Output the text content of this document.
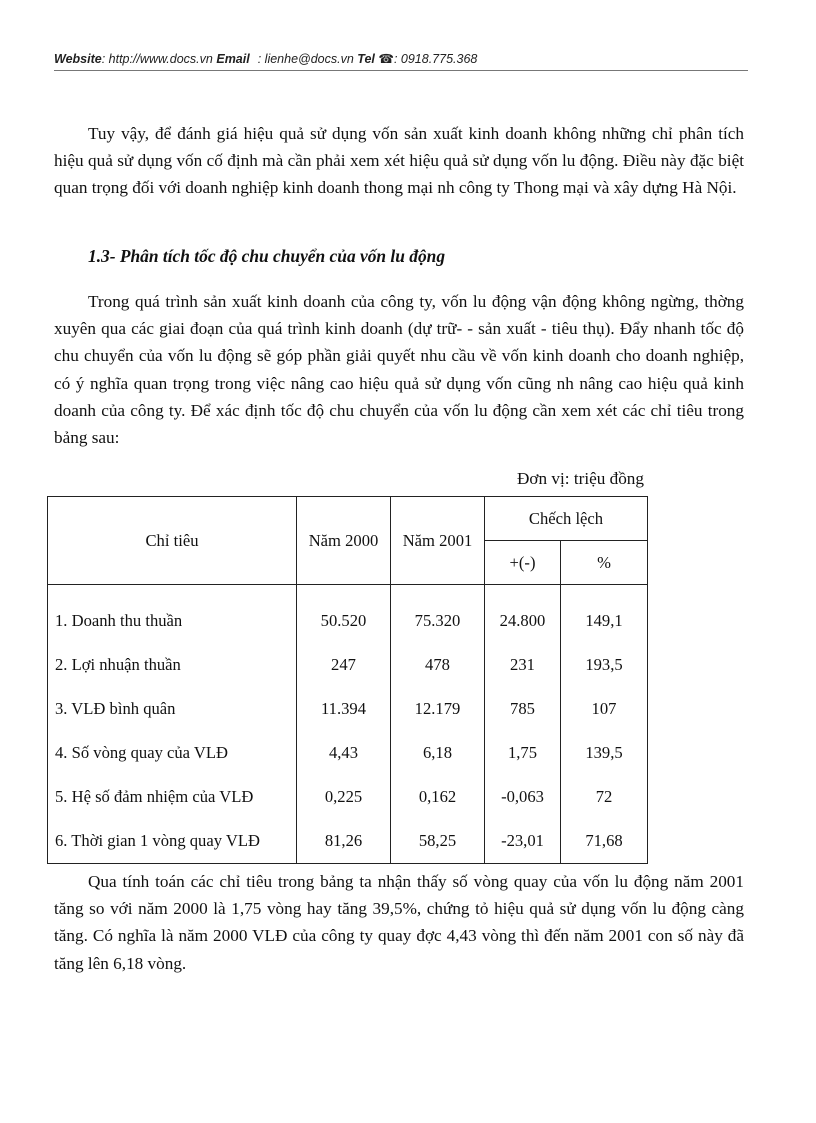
Website: http://www.docs.vn Email : lienhe@docs.vn Tel ☎: 0918.775.368

Tuy vậy, để đánh giá hiệu quả sử dụng vốn sản xuất kinh doanh không những chỉ phân tích hiệu quả sử dụng vốn cố định mà cần phải xem xét hiệu quả sử dụng vốn lu động. Điều này đặc biệt quan trọng đối với doanh nghiệp kinh doanh thong mại nh công ty Thong mại và xây dựng Hà Nội.

1.3- Phân tích tốc độ chu chuyển của vốn lu động

Trong quá trình sản xuất kinh doanh của công ty, vốn lu động vận động không ngừng, thờng xuyên qua các giai đoạn của quá trình kinh doanh (dự trữ- - sản xuất - tiêu thụ). Đẩy nhanh tốc độ chu chuyển của vốn lu động sẽ góp phần giải quyết nhu cầu về vốn kinh doanh cho doanh nghiệp, có ý nghĩa quan trọng trong việc nâng cao hiệu quả sử dụng vốn cũng nh nâng cao hiệu quả kinh doanh của công ty. Để xác định tốc độ chu chuyển của vốn lu động cần xem xét các chỉ tiêu trong bảng sau:

Đơn vị: triệu đồng
Chỉ tiêu	Năm 2000	Năm 2001	Chếch lệch	
			+(-)	%
1. Doanh thu thuần	50.520	75.320	24.800	149,1
2. Lợi nhuận thuần	247	478	231	193,5
3. VLĐ bình quân	11.394	12.179	785	107
4. Số vòng quay của VLĐ	4,43	6,18	1,75	139,5
5. Hệ số đảm nhiệm của VLĐ	0,225	0,162	-0,063	72
6. Thời gian 1 vòng quay VLĐ	81,26	58,25	-23,01	71,68

Qua tính toán các chỉ tiêu trong bảng ta nhận thấy số vòng quay của vốn lu động năm 2001 tăng so với năm 2000 là 1,75 vòng hay tăng 39,5%, chứng tỏ hiệu quả sử dụng vốn lu động càng tăng. Có nghĩa là năm 2000 VLĐ của công ty quay đợc 4,43 vòng thì đến năm 2001 con số này đã tăng lên 6,18 vòng.
